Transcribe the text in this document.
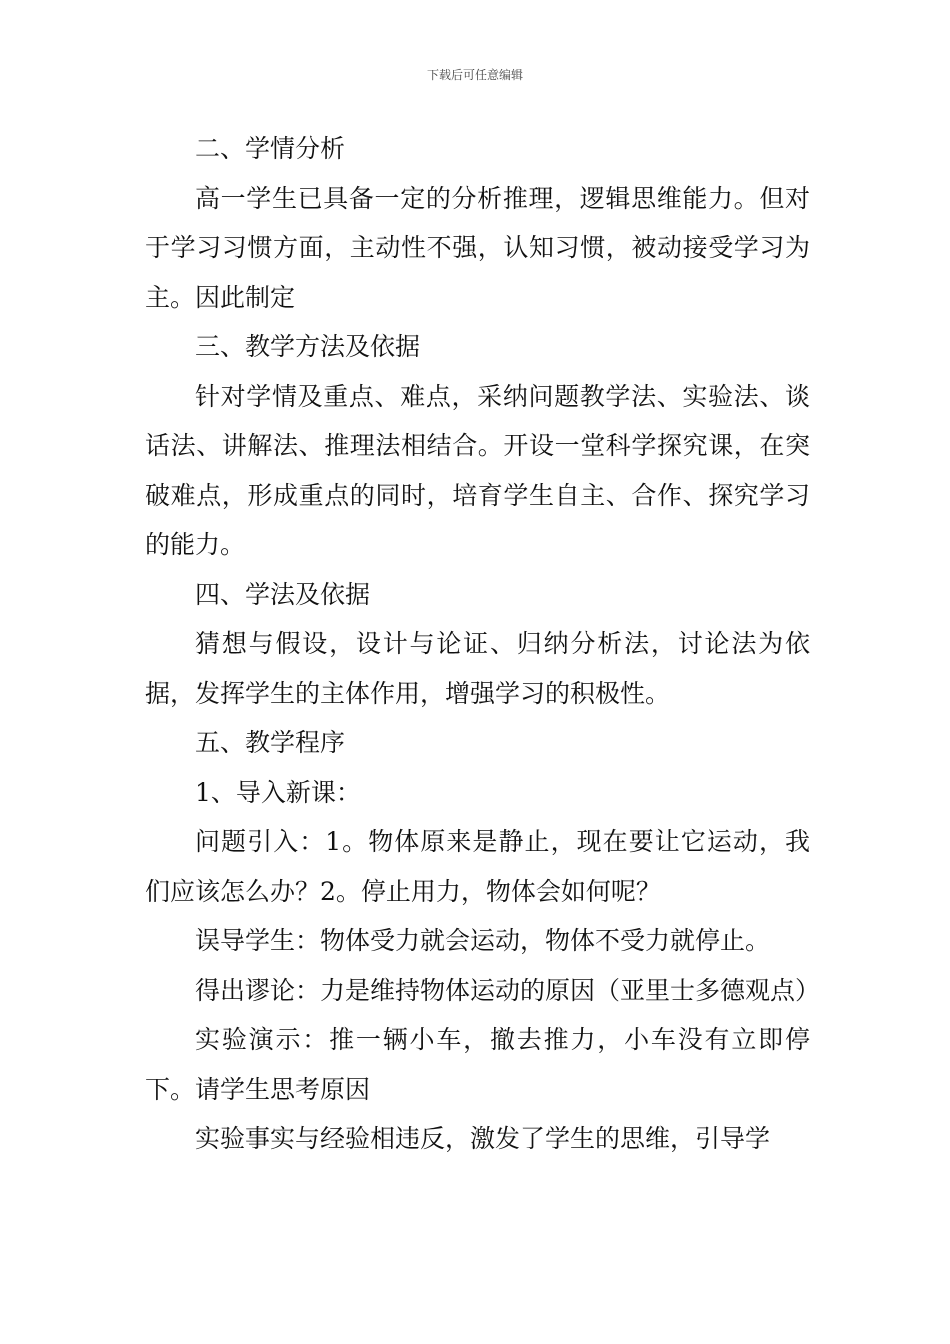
下载后可任意编辑

二、学情分析

高一学生已具备一定的分析推理，逻辑思维能力。但对于学习习惯方面，主动性不强，认知习惯，被动接受学习为主。因此制定

三、教学方法及依据

针对学情及重点、难点，采纳问题教学法、实验法、谈话法、讲解法、推理法相结合。开设一堂科学探究课，在突破难点，形成重点的同时，培育学生自主、合作、探究学习的能力。

四、学法及依据

猜想与假设，设计与论证、归纳分析法，讨论法为依据，发挥学生的主体作用，增强学习的积极性。

五、教学程序

1、导入新课：

问题引入：1。物体原来是静止，现在要让它运动，我们应该怎么办？2。停止用力，物体会如何呢？

误导学生：物体受力就会运动，物体不受力就停止。

得出谬论：力是维持物体运动的原因（亚里士多德观点）

实验演示：推一辆小车，撤去推力，小车没有立即停下。请学生思考原因

实验事实与经验相违反，激发了学生的思维，引导学
